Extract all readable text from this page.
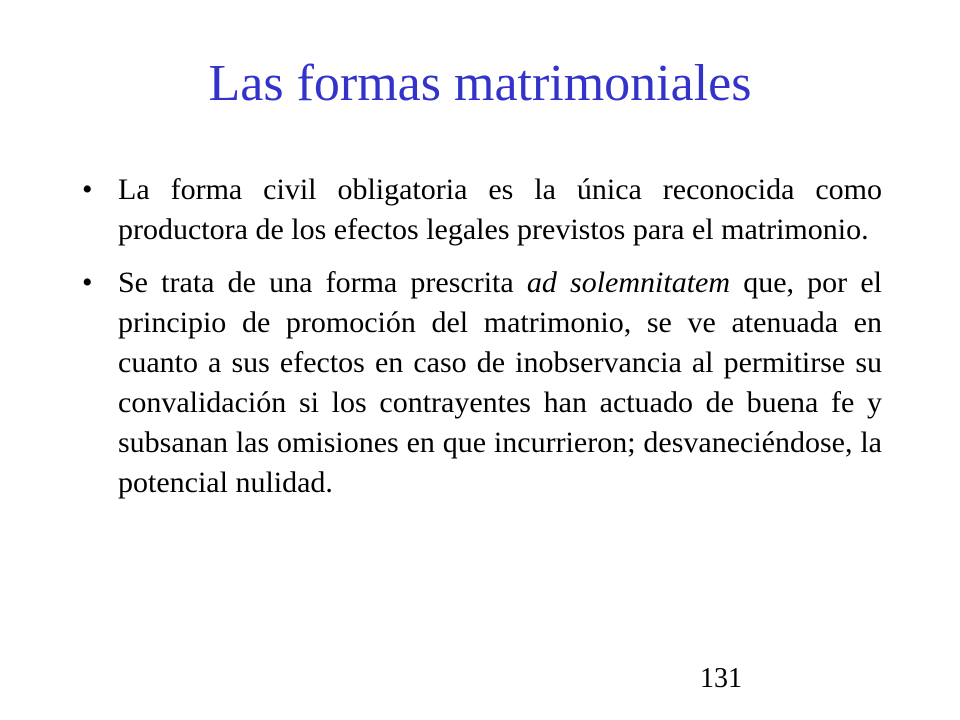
Las formas matrimoniales
• La forma civil obligatoria es la única reconocida como productora de los efectos legales previstos para el matrimonio.
• Se trata de una forma prescrita ad solemnitatem que, por el principio de promoción del matrimonio, se ve atenuada en cuanto a sus efectos en caso de inobservancia al permitirse su convalidación si los contrayentes han actuado de buena fe y subsanan las omisiones en que incurrieron; desvaneciéndose, la potencial nulidad.
131
